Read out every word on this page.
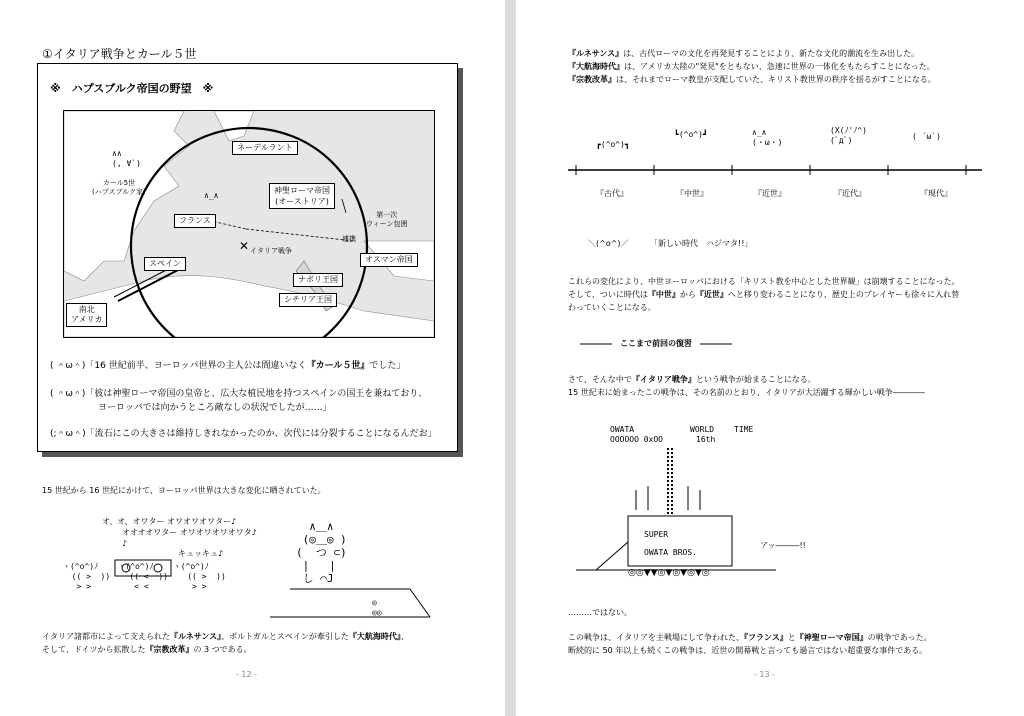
①イタリア戦争とカール５世
※　ハプスブルク帝国の野望　※
✕
ネーデルラント
神聖ローマ帝国
(オーストリア)
フランス
イタリア戦争
スペイン
ナポリ王国
シチリア王国
オスマン帝国
南北
アメリカ
カール5世
(ハプスブルク家)
第一次
ウィーン包囲
連携
∧∧
(, ∀`)
∧_∧
( ＾ω＾)「16 世紀前半、ヨーロッパ世界の主人公は間違いなく『カール５世』でした」
( ＾ω＾)「彼は神聖ローマ帝国の皇帝と、広大な植民地を持つスペインの国王を兼ねており、
ヨーロッパでは向かうところ敵なしの状況でしたが……」
(;＾ω＾)「流石にこの大きさは維持しきれなかったのか、次代には分裂することになるんだお」
15 世紀から 16 世紀にかけて、ヨーロッパ世界は大きな変化に晒されていた。
オ、オ、オワター オワオワオワター♪
オオオオワター オワオワオワオワタ♪
♪
キュッキュ♪
ヽ(^o^)ﾉ    ヽ(^o^)ﾉ    ヽ(^o^)ﾉ
(( >  ))    (( <  ))    (( >  ))
> >         < <         > >
∧＿∧
(◎＿◎ )
(  つ ⊂)
|   |
し ⌒J
◎
◎◎
イタリア諸都市によって支えられた『ルネサンス』、ポルトガルとスペインが牽引した『大航海時代』、
そして、ドイツから拡散した『宗教改革』の 3 つである。
- 12 -
『ルネサンス』は、古代ローマの文化を再発見することにより、新たな文化的潮流を生み出した。
『大航海時代』は、アメリカ大陸の"発見"をともない、急速に世界の一体化をもたらすことになった。
『宗教改革』は、それまでローマ教皇が支配していた、キリスト教世界の秩序を揺るがすことになる。
┏(^o^)┓
┗(^o^)┛	∧_∧
(・ω・)
(X(ﾉ'ﾉ^)
(ﾟдﾟ)	( ´ω`)
『古代』	『中世』	『近世』	『近代』	『現代』
＼(^o^)／	「新しい時代　ハジマタ!!」
これらの変化により、中世ヨーロッパにおける「キリスト教を中心とした世界観」は崩壊することになった。
そして、ついに時代は『中世』から『近世』へと移り変わることになり、歴史上のプレイヤーも徐々に入れ替
わっていくことになる。
――――　ここまで前回の復習　――――
さて、そんな中で『イタリア戦争』という戦争が始まることになる。
15 世紀末に始まったこの戦争は、その名前のとおり、イタリアが大活躍する輝かしい戦争――――
OWATA	WORLD TIME
OOOOOO 0xOO	16th
SUPER
OWATA BROS.
アッ―――!!
◎◎▼▼◎▼◎▼◎▼◎
………ではない。
この戦争は、イタリアを主戦場にして争われた、『フランス』と『神聖ローマ帝国』の戦争であった。
断続的に 50 年以上も続くこの戦争は、近世の開幕戦と言っても過言ではない超重要な事件である。
- 13 -
